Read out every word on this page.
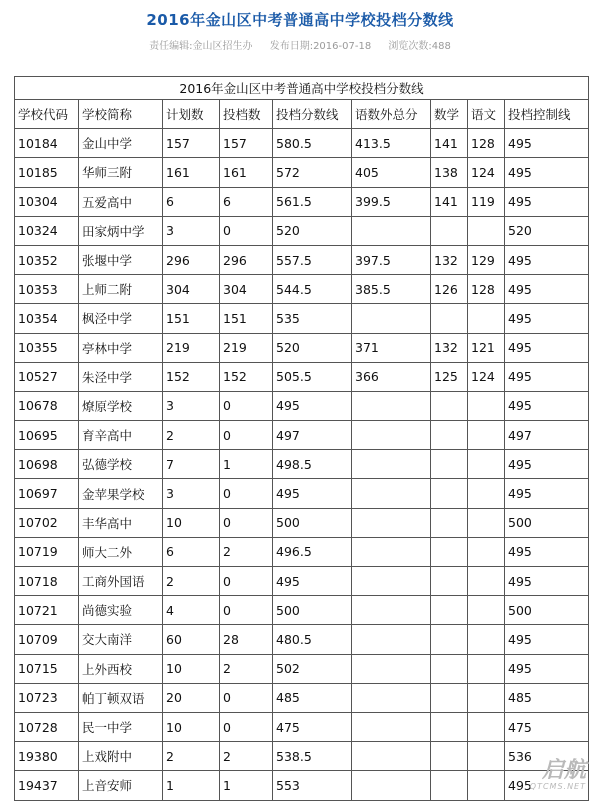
2016年金山区中考普通高中学校投档分数线
责任编辑:金山区招生办 发布日期:2016-07-18 浏览次数:488
2016年金山区中考普通高中学校投档分数线								
学校代码	学校简称	计划数	投档数	投档分数线	语数外总分	数学	语文	投档控制线
10184	金山中学	157	157	580.5	413.5	141	128	495
10185	华师三附	161	161	572	405	138	124	495
10304	五爱高中	6	6	561.5	399.5	141	119	495
10324	田家炳中学	3	0	520				520
10352	张堰中学	296	296	557.5	397.5	132	129	495
10353	上师二附	304	304	544.5	385.5	126	128	495
10354	枫泾中学	151	151	535				495
10355	亭林中学	219	219	520	371	132	121	495
10527	朱泾中学	152	152	505.5	366	125	124	495
10678	燎原学校	3	0	495				495
10695	育辛高中	2	0	497				497
10698	弘德学校	7	1	498.5				495
10697	金苹果学校	3	0	495				495
10702	丰华高中	10	0	500				500
10719	师大二外	6	2	496.5				495
10718	工商外国语	2	0	495				495
10721	尚德实验	4	0	500				500
10709	交大南洋	60	28	480.5				495
10715	上外西校	10	2	502				495
10723	帕丁顿双语	20	0	485				485
10728	民一中学	10	0	475				475
19380	上戏附中	2	2	538.5				536
19437	上音安师	1	1	553				495
启航
QTCMS.NET
